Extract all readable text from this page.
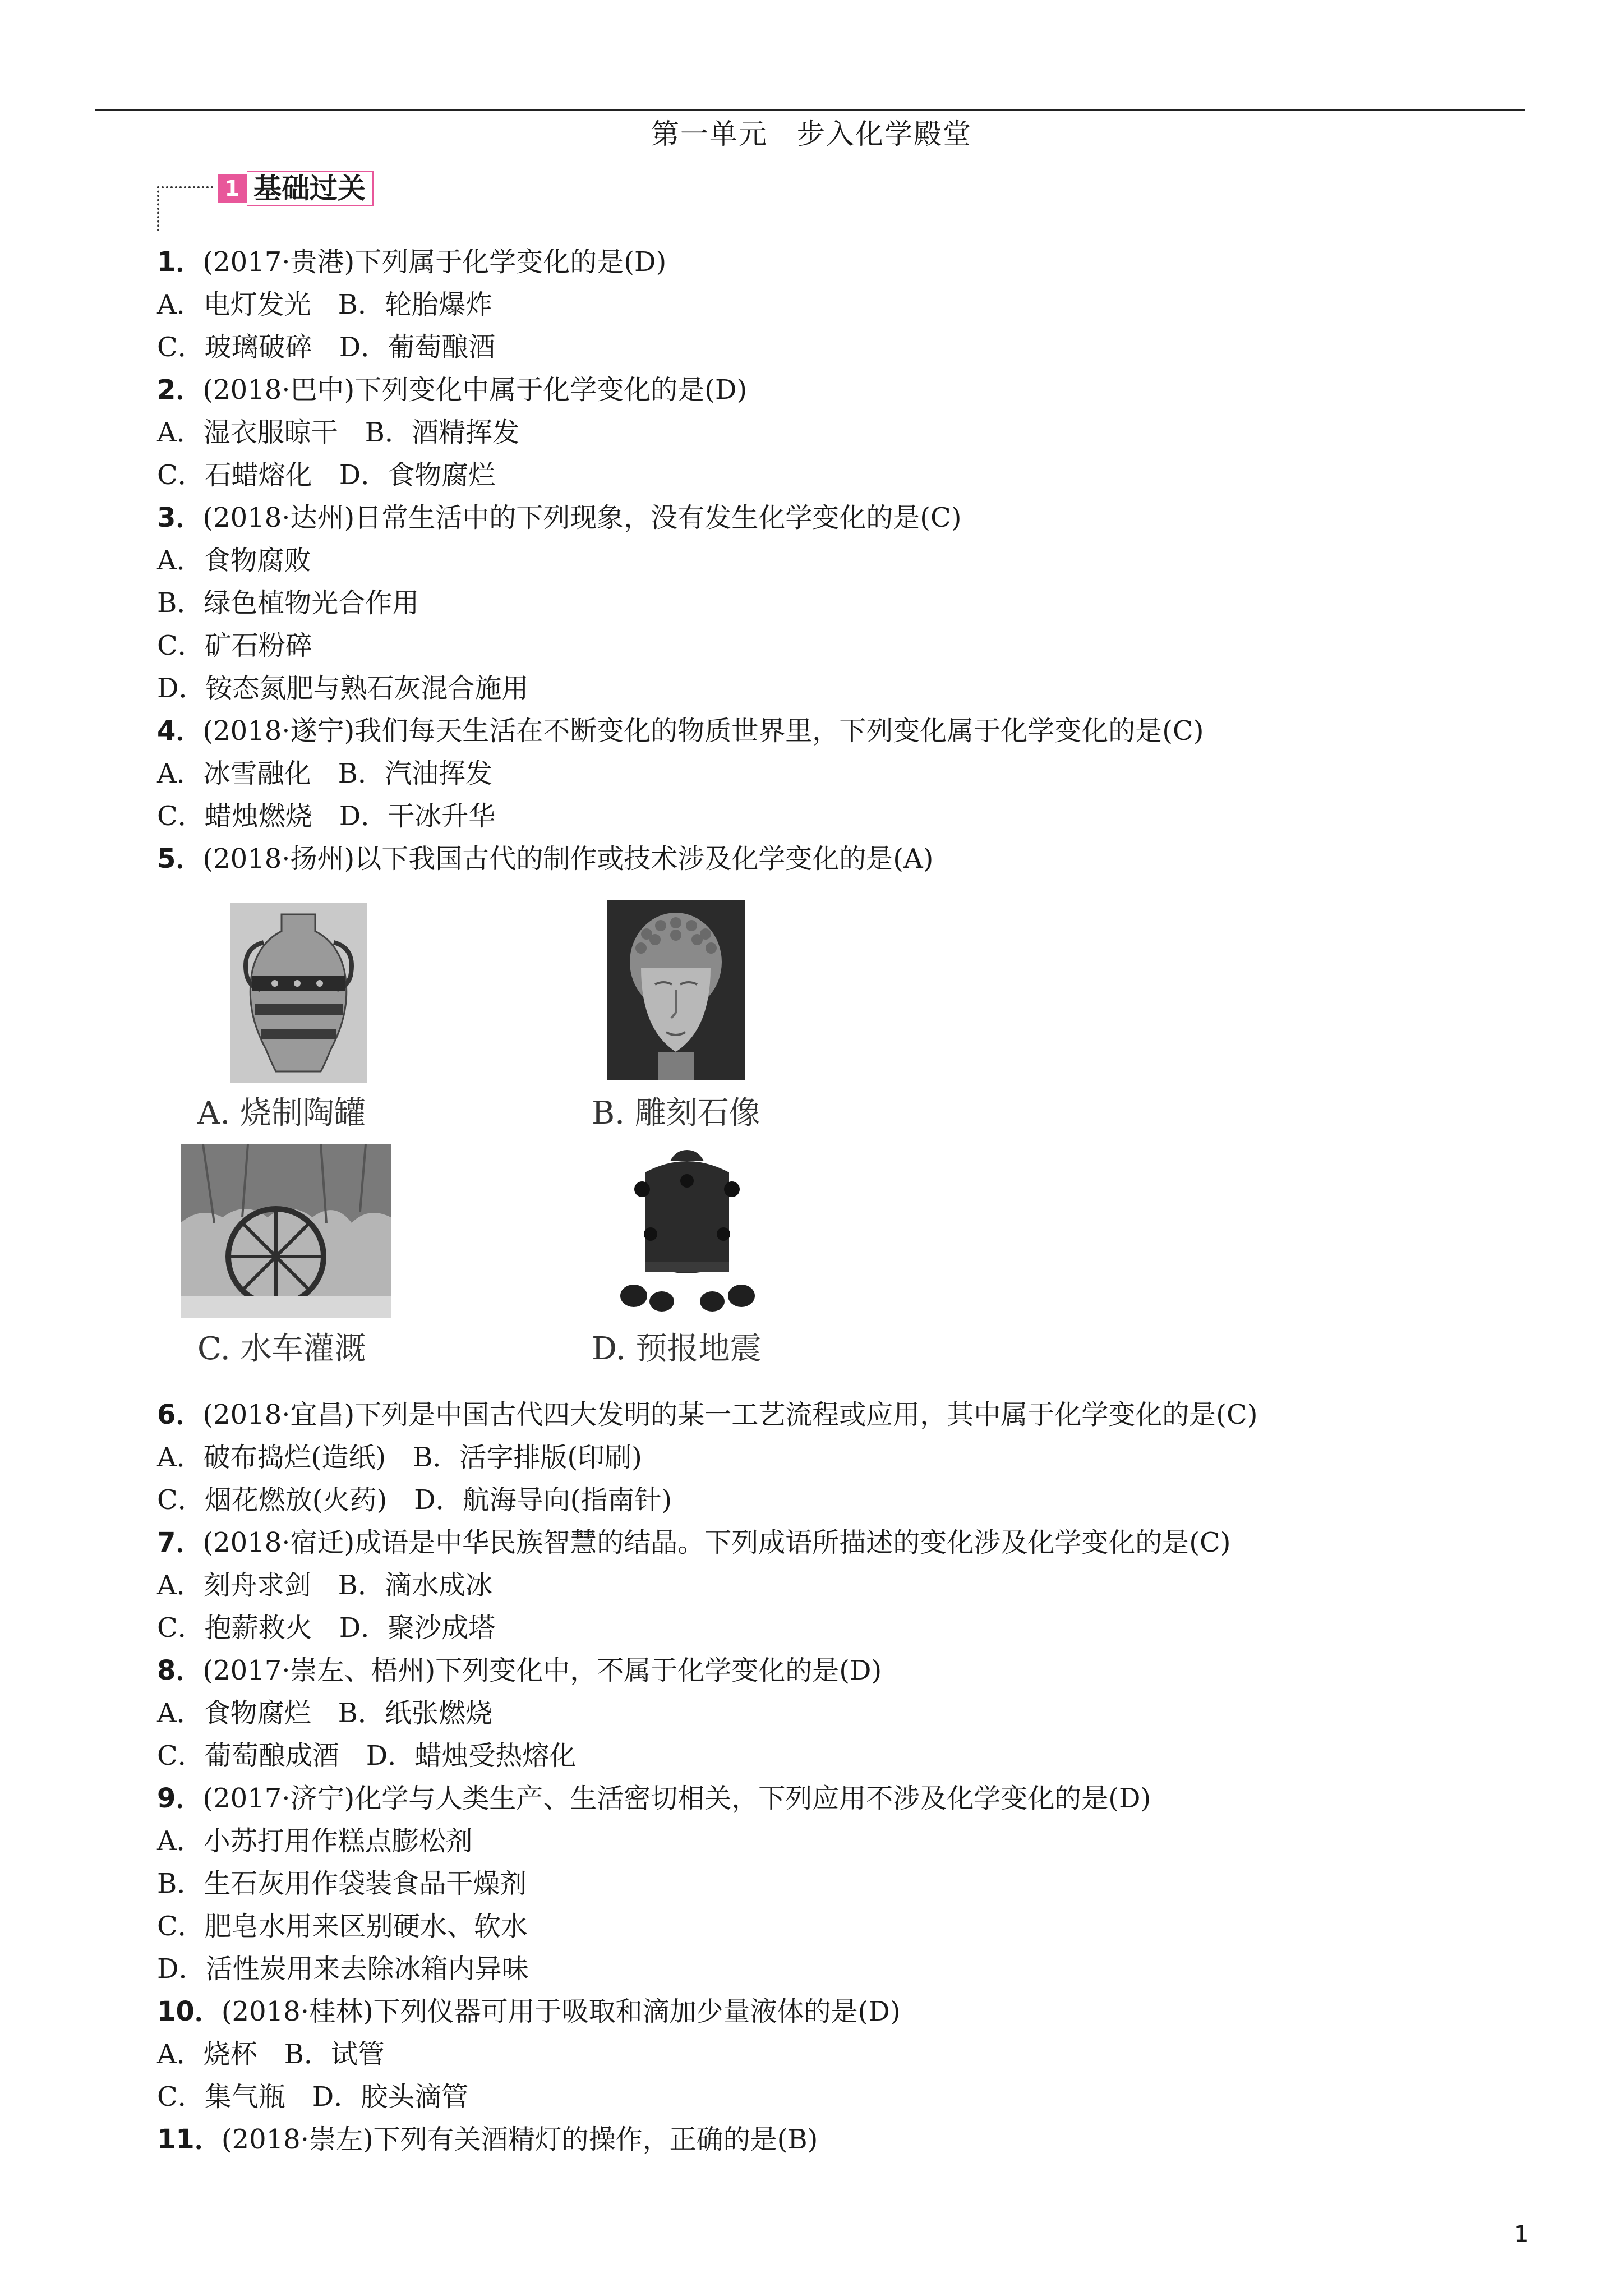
第一单元　步入化学殿堂
1 基础过关
1．(2017·贵港)下列属于化学变化的是(D)
A．电灯发光　B．轮胎爆炸
C．玻璃破碎　D．葡萄酿酒
2．(2018·巴中)下列变化中属于化学变化的是(D)
A．湿衣服晾干　B．酒精挥发
C．石蜡熔化　D．食物腐烂
3．(2018·达州)日常生活中的下列现象，没有发生化学变化的是(C)
A．食物腐败
B．绿色植物光合作用
C．矿石粉碎
D．铵态氮肥与熟石灰混合施用
4．(2018·遂宁)我们每天生活在不断变化的物质世界里，下列变化属于化学变化的是(C)
A．冰雪融化　B．汽油挥发
C．蜡烛燃烧　D．干冰升华
5．(2018·扬州)以下我国古代的制作或技术涉及化学变化的是(A)
A. 烧制陶罐	B. 雕刻石像
C. 水车灌溉	D. 预报地震
6．(2018·宜昌)下列是中国古代四大发明的某一工艺流程或应用，其中属于化学变化的是(C)
A．破布捣烂(造纸)　B．活字排版(印刷)
C．烟花燃放(火药)　D．航海导向(指南针)
7．(2018·宿迁)成语是中华民族智慧的结晶。下列成语所描述的变化涉及化学变化的是(C)
A．刻舟求剑　B．滴水成冰
C．抱薪救火　D．聚沙成塔
8．(2017·崇左、梧州)下列变化中，不属于化学变化的是(D)
A．食物腐烂　B．纸张燃烧
C．葡萄酿成酒　D．蜡烛受热熔化
9．(2017·济宁)化学与人类生产、生活密切相关，下列应用不涉及化学变化的是(D)
A．小苏打用作糕点膨松剂
B．生石灰用作袋装食品干燥剂
C．肥皂水用来区别硬水、软水
D．活性炭用来去除冰箱内异味
10．(2018·桂林)下列仪器可用于吸取和滴加少量液体的是(D)
A．烧杯　B．试管
C．集气瓶　D．胶头滴管
11．(2018·崇左)下列有关酒精灯的操作，正确的是(B)
1
